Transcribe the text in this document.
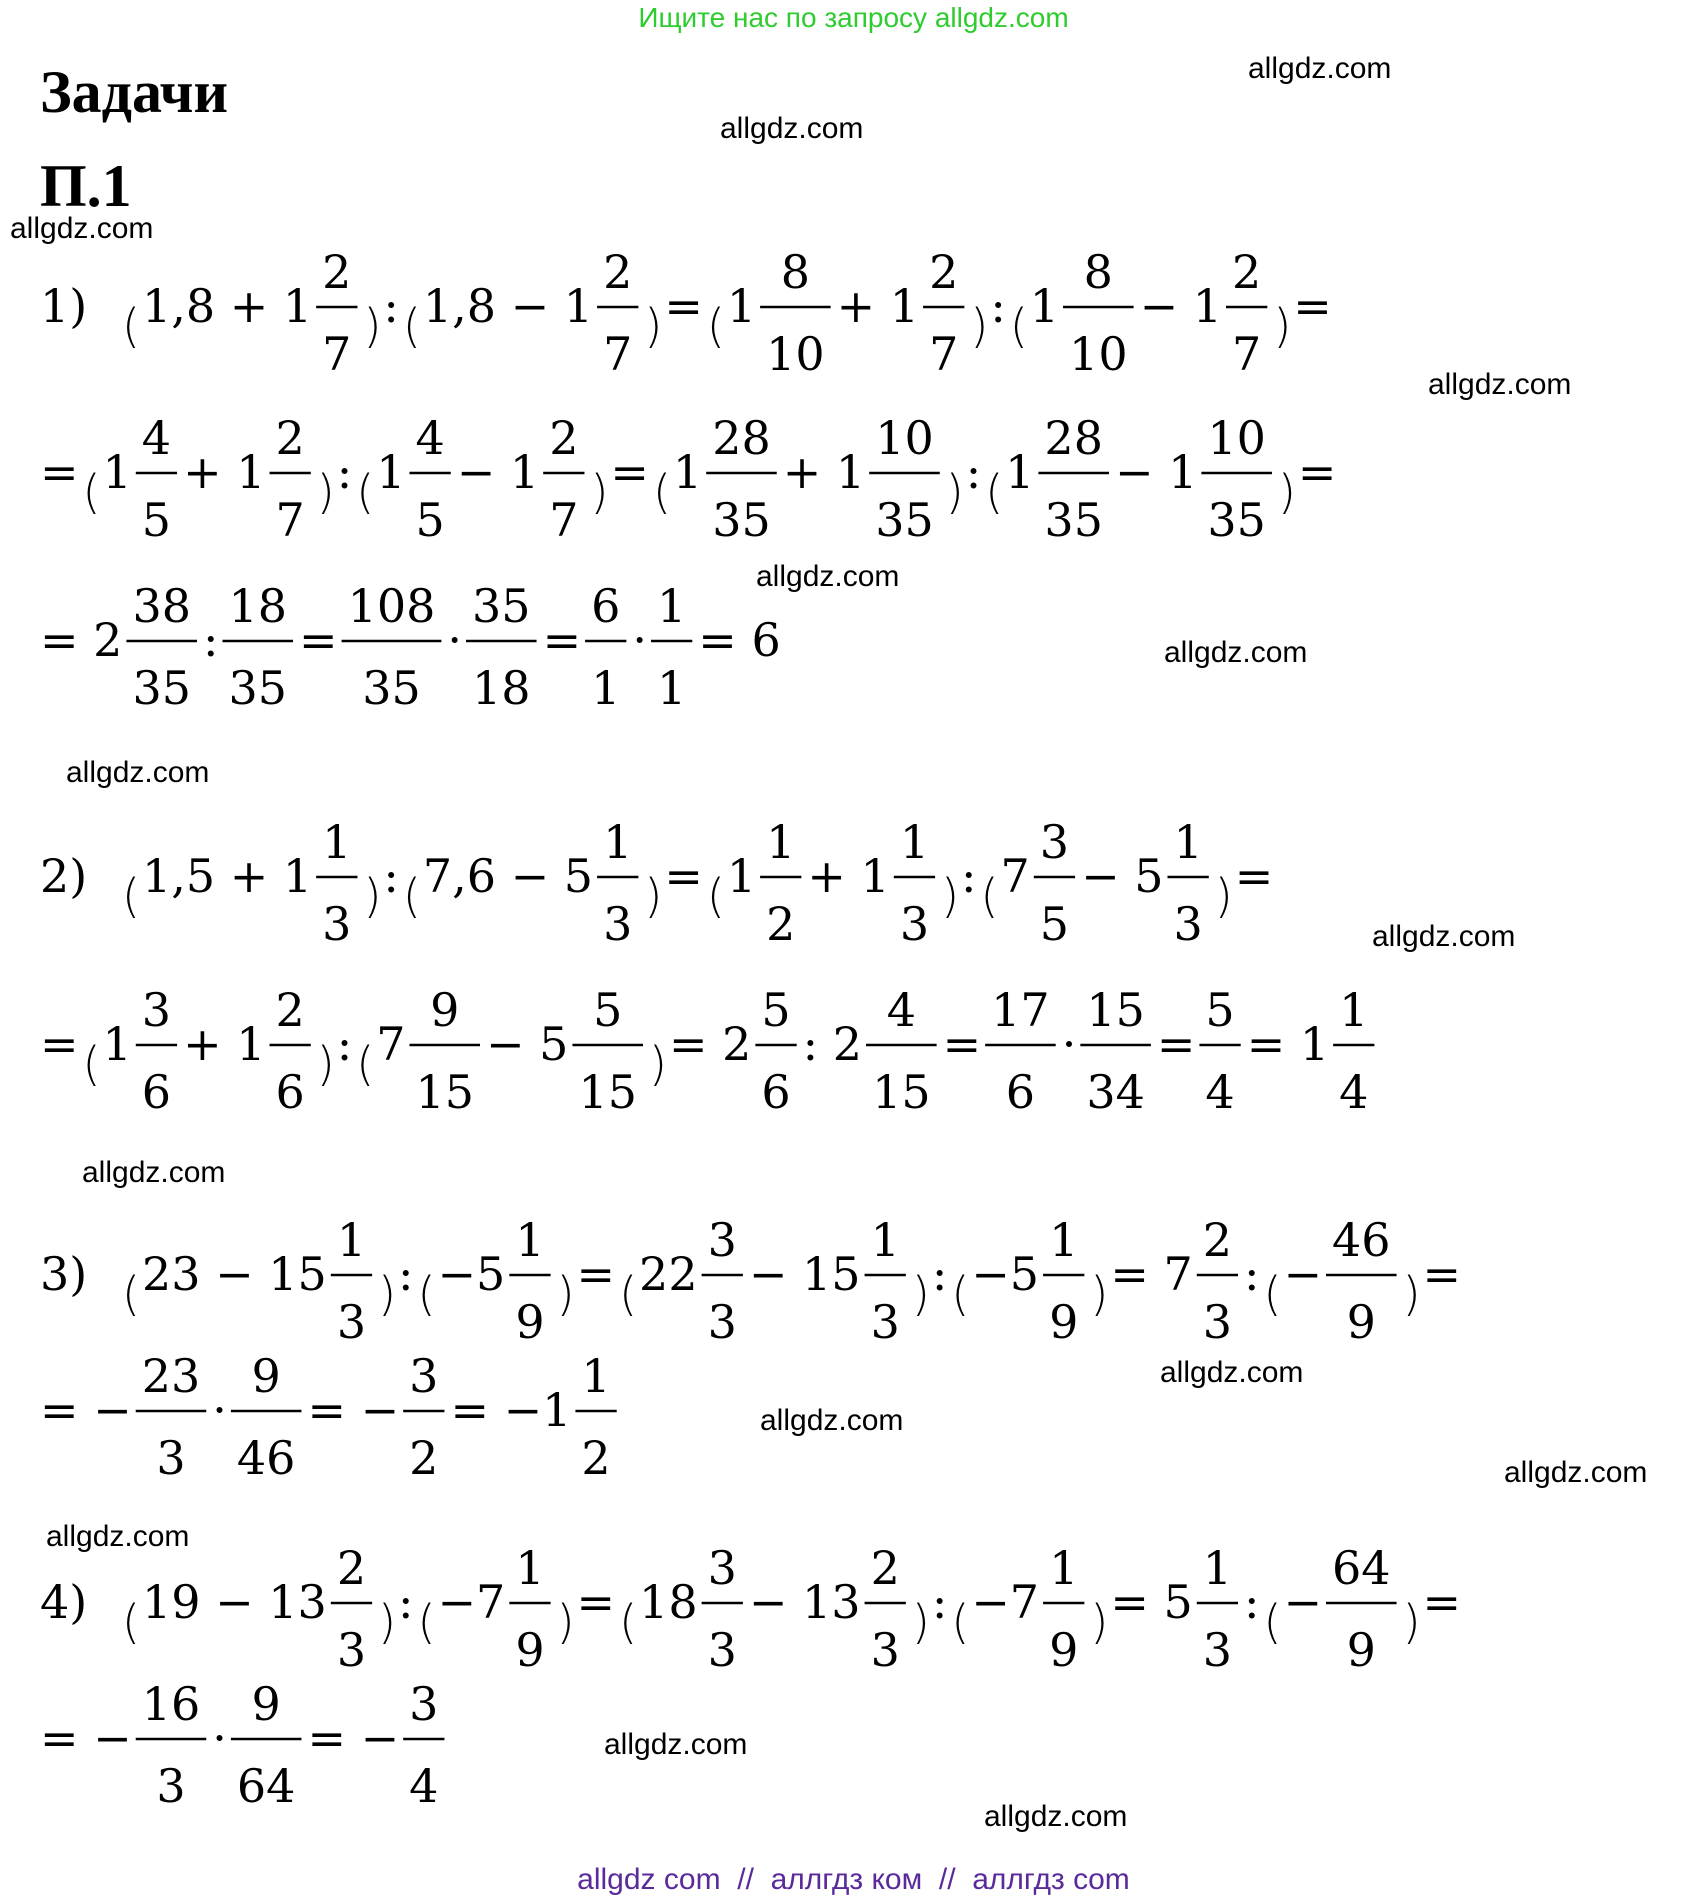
Ищите нас по запросу allgdz.com
Задачи
П.1
allgdz.com
allgdz.com
allgdz.com
allgdz.com
allgdz.com
allgdz.com
allgdz.com
allgdz.com
allgdz.com
allgdz.com
allgdz.com
allgdz.com
allgdz.com
allgdz.com
allgdz.com
1) ( 1,8 + 1
2
7
) : ( 1,8 − 1
2
7
) = ( 1
8
10
+ 1
2
7
) : ( 1
8
10
− 1
2
7
) =
= ( 1
4
5
+ 1
2
7
) : ( 1
4
5
− 1
2
7
) = ( 1
28
35
+ 1
10
35
) : ( 1
28
35
− 1
10
35
) =
= 2
38
35
:
18
35
=
108
35
·
35
18
=
6
1
·
1
1
= 6
2) ( 1,5 + 1
1
3
) : ( 7,6 − 5
1
3
) = ( 1
1
2
+ 1
1
3
) : ( 7
3
5
− 5
1
3
) =
= ( 1
3
6
+ 1
2
6
) : ( 7
9
15
− 5
5
15
) = 2
5
6
: 2
4
15
=
17
6
·
15
34
=
5
4
= 1
1
4
3) ( 23 − 15
1
3
) : ( −5
1
9
) = ( 22
3
3
− 15
1
3
) : ( −5
1
9
) = 7
2
3
: ( −
46
9
) =
= −
23
3
·
9
46
= −
3
2
= −1
1
2
4) ( 19 − 13
2
3
) : ( −7
1
9
) = ( 18
3
3
− 13
2
3
) : ( −7
1
9
) = 5
1
3
: ( −
64
9
) =
= −
16
3
·
9
64
= −
3
4
allgdz com  //  аллгдз ком  //  аллгдз com
